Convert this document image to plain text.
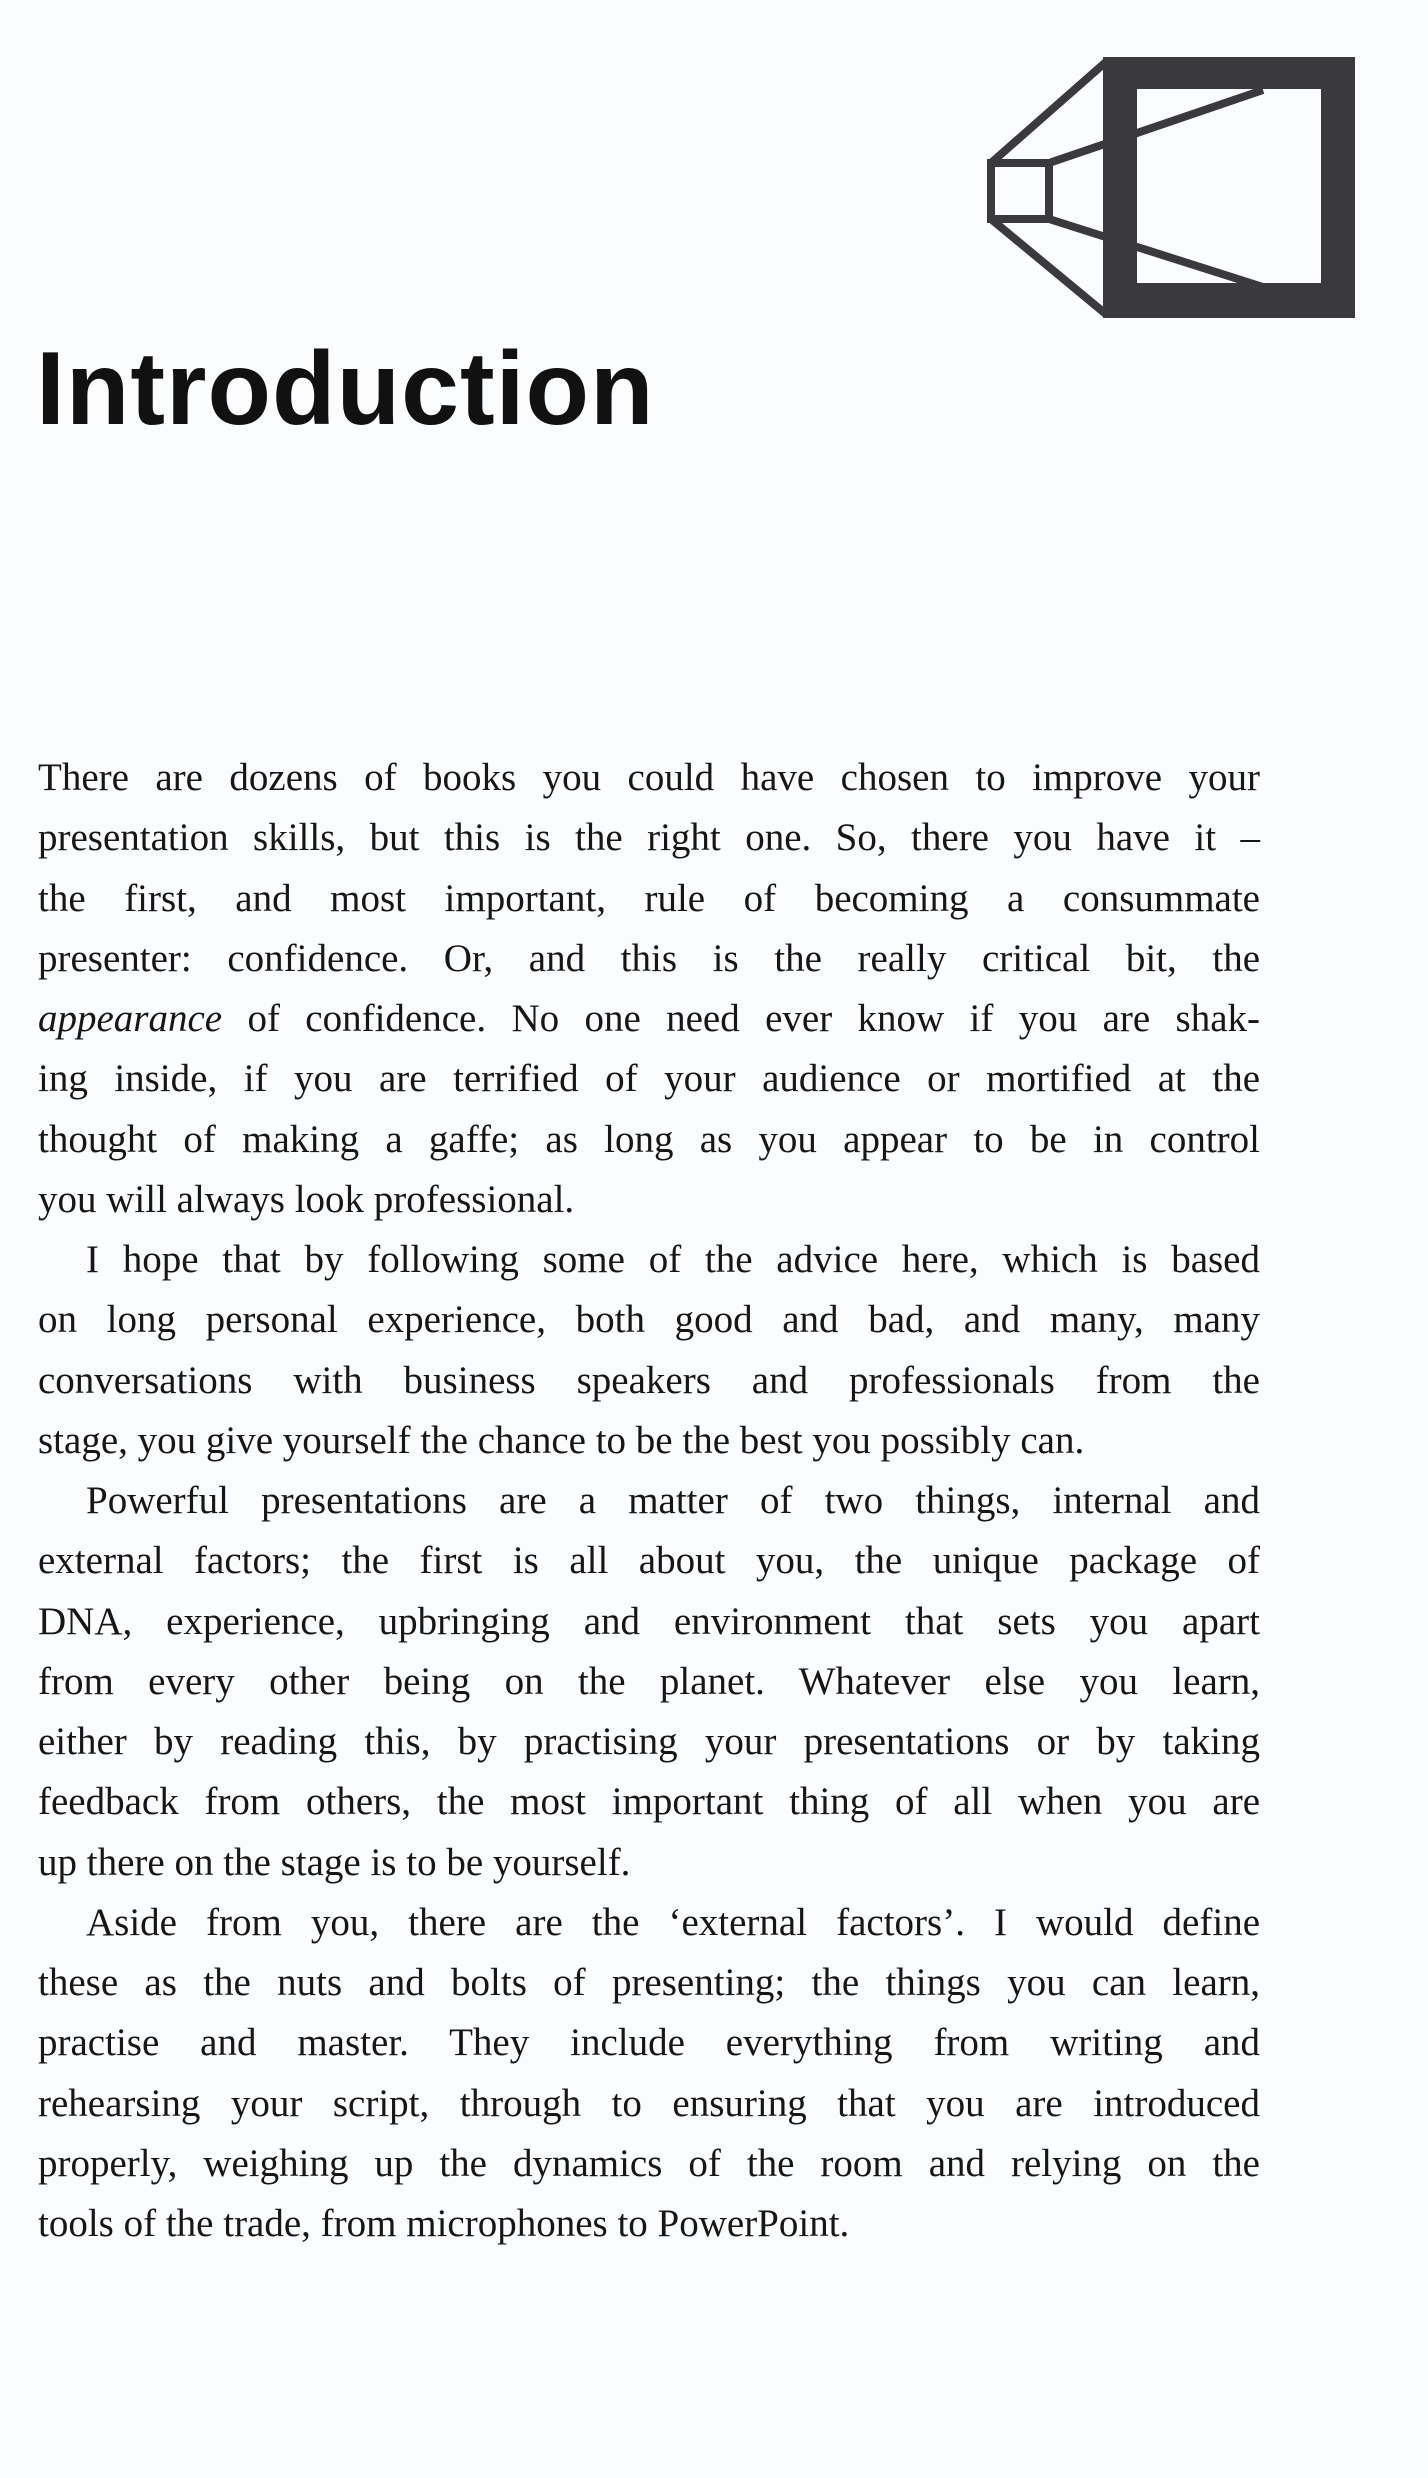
Introduction
There are dozens of books you could have chosen to improve your
presentation skills, but this is the right one. So, there you have it –
the first, and most important, rule of becoming a consummate
presenter: confidence. Or, and this is the really critical bit, the
appearance of confidence. No one need ever know if you are shak-
ing inside, if you are terrified of your audience or mortified at the
thought of making a gaffe; as long as you appear to be in control
you will always look professional.
I hope that by following some of the advice here, which is based
on long personal experience, both good and bad, and many, many
conversations with business speakers and professionals from the
stage, you give yourself the chance to be the best you possibly can.
Powerful presentations are a matter of two things, internal and
external factors; the first is all about you, the unique package of
DNA, experience, upbringing and environment that sets you apart
from every other being on the planet. Whatever else you learn,
either by reading this, by practising your presentations or by taking
feedback from others, the most important thing of all when you are
up there on the stage is to be yourself.
Aside from you, there are the ‘external factors’. I would define
these as the nuts and bolts of presenting; the things you can learn,
practise and master. They include everything from writing and
rehearsing your script, through to ensuring that you are introduced
properly, weighing up the dynamics of the room and relying on the
tools of the trade, from microphones to PowerPoint.
